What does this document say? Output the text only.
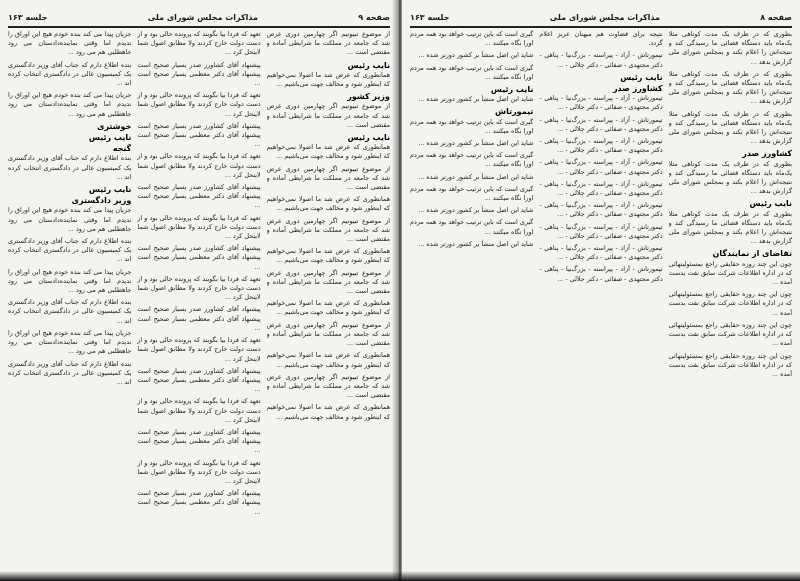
صفحه ۹
مذاکرات مجلس شورای ملی
جلسه ۱۶۳

از موضوع تبیوتیم اگر چهارمین دوری عرض شد که جامعه در مملکت ما شرایطی آماده و مقتضی است ...

نایب رئیس

همانطوری که عرض شد ما اصولا نمی‌خواهیم که اینطور شود و مخالف جهت می‌باشیم ...

وزیر کشور

از موضوع تبیوتیم اگر چهارمین دوری عرض شد که جامعه در مملکت ما شرایطی آماده و مقتضی است ...

نایب رئیس

همانطوری که عرض شد ما اصولا نمی‌خواهیم که اینطور شود و مخالف جهت می‌باشیم ...

از موضوع تبیوتیم اگر چهارمین دوری عرض شد که جامعه در مملکت ما شرایطی آماده و مقتضی است ...

همانطوری که عرض شد ما اصولا نمی‌خواهیم که اینطور شود و مخالف جهت می‌باشیم ...

از موضوع تبیوتیم اگر چهارمین دوری عرض شد که جامعه در مملکت ما شرایطی آماده و مقتضی است ...

همانطوری که عرض شد ما اصولا نمی‌خواهیم که اینطور شود و مخالف جهت می‌باشیم ...

از موضوع تبیوتیم اگر چهارمین دوری عرض شد که جامعه در مملکت ما شرایطی آماده و مقتضی است ...

همانطوری که عرض شد ما اصولا نمی‌خواهیم که اینطور شود و مخالف جهت می‌باشیم ...

از موضوع تبیوتیم اگر چهارمین دوری عرض شد که جامعه در مملکت ما شرایطی آماده و مقتضی است ...

همانطوری که عرض شد ما اصولا نمی‌خواهیم که اینطور شود و مخالف جهت می‌باشیم ...

از موضوع تبیوتیم اگر چهارمین دوری عرض شد که جامعه در مملکت ما شرایطی آماده و مقتضی است ...

همانطوری که عرض شد ما اصولا نمی‌خواهیم که اینطور شود و مخالف جهت می‌باشیم ...

تعهد که فردا بیا بگویند که پرونده حالی بود و از دست دولت خارج کردند ولا مطابق اصول شما لاینحل کرد ...

پیشنهاد آقای کشاورز صدر بسیار صحیح است پیشنهاد آقای دکتر معظمی بسیار صحیح است ...

تعهد که فردا بیا بگویند که پرونده حالی بود و از دست دولت خارج کردند ولا مطابق اصول شما لاینحل کرد ...

پیشنهاد آقای کشاورز صدر بسیار صحیح است پیشنهاد آقای دکتر معظمی بسیار صحیح است ...

تعهد که فردا بیا بگویند که پرونده حالی بود و از دست دولت خارج کردند ولا مطابق اصول شما لاینحل کرد ...

پیشنهاد آقای کشاورز صدر بسیار صحیح است پیشنهاد آقای دکتر معظمی بسیار صحیح است ...

تعهد که فردا بیا بگویند که پرونده حالی بود و از دست دولت خارج کردند ولا مطابق اصول شما لاینحل کرد ...

پیشنهاد آقای کشاورز صدر بسیار صحیح است پیشنهاد آقای دکتر معظمی بسیار صحیح است ...

تعهد که فردا بیا بگویند که پرونده حالی بود و از دست دولت خارج کردند ولا مطابق اصول شما لاینحل کرد ...

پیشنهاد آقای کشاورز صدر بسیار صحیح است پیشنهاد آقای دکتر معظمی بسیار صحیح است ...

تعهد که فردا بیا بگویند که پرونده حالی بود و از دست دولت خارج کردند ولا مطابق اصول شما لاینحل کرد ...

پیشنهاد آقای کشاورز صدر بسیار صحیح است پیشنهاد آقای دکتر معظمی بسیار صحیح است ...

تعهد که فردا بیا بگویند که پرونده حالی بود و از دست دولت خارج کردند ولا مطابق اصول شما لاینحل کرد ...

پیشنهاد آقای کشاورز صدر بسیار صحیح است پیشنهاد آقای دکتر معظمی بسیار صحیح است ...

تعهد که فردا بیا بگویند که پرونده حالی بود و از دست دولت خارج کردند ولا مطابق اصول شما لاینحل کرد ...

پیشنهاد آقای کشاورز صدر بسیار صحیح است پیشنهاد آقای دکتر معظمی بسیار صحیح است ...

جریان پیدا می کند بنده خودم هیچ این اوراق را ندیدم اما وقتی نماینده‌دادستان می رود جاهطلبی هم می رود ...

بنده اطلاع دارم که جناب آقای وزیر دادگستری یک کمیسیون عالی در دادگستری انتخاب کرده اند ...

جریان پیدا می کند بنده خودم هیچ این اوراق را ندیدم اما وقتی نماینده‌دادستان می رود جاهطلبی هم می رود ...

خوشتری
نایب رئیس
گنجه

بنده اطلاع دارم که جناب آقای وزیر دادگستری یک کمیسیون عالی در دادگستری انتخاب کرده اند ...

نایب رئیس
وزیر دادگستری

جریان پیدا می کند بنده خودم هیچ این اوراق را ندیدم اما وقتی نماینده‌دادستان می رود جاهطلبی هم می رود ...

بنده اطلاع دارم که جناب آقای وزیر دادگستری یک کمیسیون عالی در دادگستری انتخاب کرده اند ...

جریان پیدا می کند بنده خودم هیچ این اوراق را ندیدم اما وقتی نماینده‌دادستان می رود جاهطلبی هم می رود ...

بنده اطلاع دارم که جناب آقای وزیر دادگستری یک کمیسیون عالی در دادگستری انتخاب کرده اند ...

جریان پیدا می کند بنده خودم هیچ این اوراق را ندیدم اما وقتی نماینده‌دادستان می رود جاهطلبی هم می رود ...

بنده اطلاع دارم که جناب آقای وزیر دادگستری یک کمیسیون عالی در دادگستری انتخاب کرده اند ...

صفحه ۸
مذاکرات مجلس شورای ملی
جلسه ۱۶۳

بطوری که در طرف یک مدت کوتاهی مثلا یک‌ماه باید دستگاه قضائی ما رسیدگی کند و نتیجه‌اش را اعلام بکند و بمجلس شورای ملی گزارش بدهد ...

بطوری که در طرف یک مدت کوتاهی مثلا یک‌ماه باید دستگاه قضائی ما رسیدگی کند و نتیجه‌اش را اعلام بکند و بمجلس شورای ملی گزارش بدهد ...

بطوری که در طرف یک مدت کوتاهی مثلا یک‌ماه باید دستگاه قضائی ما رسیدگی کند و نتیجه‌اش را اعلام بکند و بمجلس شورای ملی گزارش بدهد ...

کشاورز صدر

بطوری که در طرف یک مدت کوتاهی مثلا یک‌ماه باید دستگاه قضائی ما رسیدگی کند و نتیجه‌اش را اعلام بکند و بمجلس شورای ملی گزارش بدهد ...

نایب رئیس

بطوری که در طرف یک مدت کوتاهی مثلا یک‌ماه باید دستگاه قضائی ما رسیدگی کند و نتیجه‌اش را اعلام بکند و بمجلس شورای ملی گزارش بدهد ...

تقاضای از نمایندگان

چون این چند روزه حقایقی راجع بمسئولیتهائی که در اداره اطلاعات شرکت سابق نفت بدست آمده ...

چون این چند روزه حقایقی راجع بمسئولیتهائی که در اداره اطلاعات شرکت سابق نفت بدست آمده ...

چون این چند روزه حقایقی راجع بمسئولیتهائی که در اداره اطلاعات شرکت سابق نفت بدست آمده ...

چون این چند روزه حقایقی راجع بمسئولیتهائی که در اداره اطلاعات شرکت سابق نفت بدست آمده ...

نتیجه برای قضاوت هم میهنان عزیز اعلام گردد.

تیمورتاش - آزاد - پیراسته - بزرگ‌نیا - پناهی - دکتر مجتهدی - صفائی - دکتر جلالی - ...

نایب رئیس
کشاورز صدر

تیمورتاش - آزاد - پیراسته - بزرگ‌نیا - پناهی - دکتر مجتهدی - صفائی - دکتر جلالی - ...

تیمورتاش - آزاد - پیراسته - بزرگ‌نیا - پناهی - دکتر مجتهدی - صفائی - دکتر جلالی - ...

تیمورتاش - آزاد - پیراسته - بزرگ‌نیا - پناهی - دکتر مجتهدی - صفائی - دکتر جلالی - ...

تیمورتاش - آزاد - پیراسته - بزرگ‌نیا - پناهی - دکتر مجتهدی - صفائی - دکتر جلالی - ...

تیمورتاش - آزاد - پیراسته - بزرگ‌نیا - پناهی - دکتر مجتهدی - صفائی - دکتر جلالی - ...

تیمورتاش - آزاد - پیراسته - بزرگ‌نیا - پناهی - دکتر مجتهدی - صفائی - دکتر جلالی - ...

تیمورتاش - آزاد - پیراسته - بزرگ‌نیا - پناهی - دکتر مجتهدی - صفائی - دکتر جلالی - ...

تیمورتاش - آزاد - پیراسته - بزرگ‌نیا - پناهی - دکتر مجتهدی - صفائی - دکتر جلالی - ...

تیمورتاش - آزاد - پیراسته - بزرگ‌نیا - پناهی - دکتر مجتهدی - صفائی - دکتر جلالی - ...

گیری است که باین ترتیب خواهد بود همه مردم اورا نگاه میکنند ...

شاید این اصل منشأ بر کشور دورتر شده ...

گیری است که باین ترتیب خواهد بود همه مردم اورا نگاه میکنند ...

نایب رئیس

شاید این اصل منشأ بر کشور دورتر شده ...

تیمورتاش

گیری است که باین ترتیب خواهد بود همه مردم اورا نگاه میکنند ...

شاید این اصل منشأ بر کشور دورتر شده ...

گیری است که باین ترتیب خواهد بود همه مردم اورا نگاه میکنند ...

شاید این اصل منشأ بر کشور دورتر شده ...

گیری است که باین ترتیب خواهد بود همه مردم اورا نگاه میکنند ...

شاید این اصل منشأ بر کشور دورتر شده ...

گیری است که باین ترتیب خواهد بود همه مردم اورا نگاه میکنند ...

شاید این اصل منشأ بر کشور دورتر شده ...
